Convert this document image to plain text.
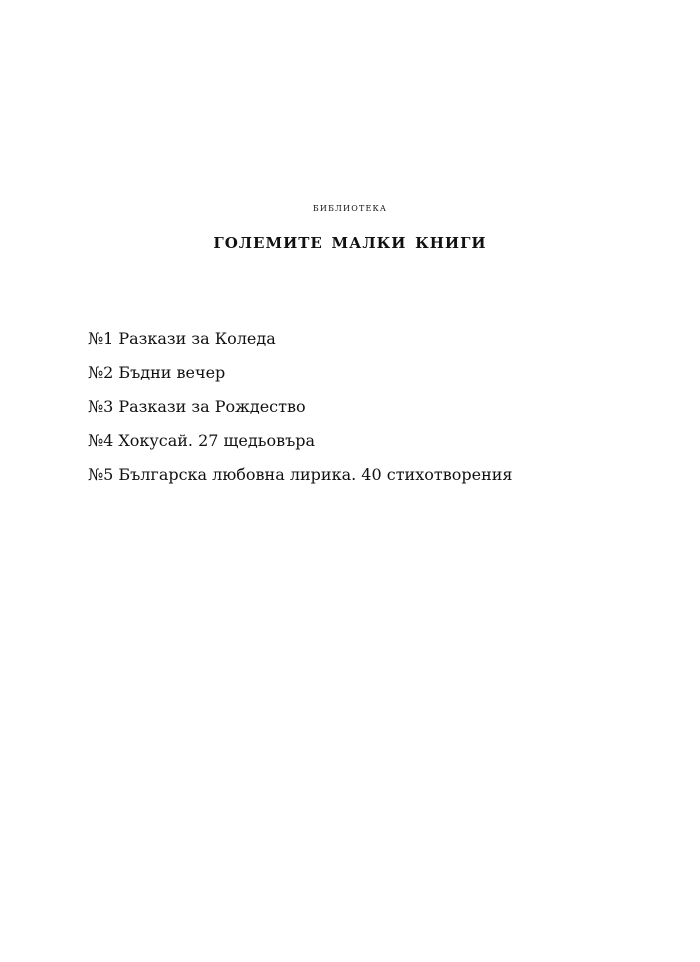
библиотека
големите малки книги
№1 Разкази за Коледа
№2 Бъдни вечер
№3 Разкази за Рождество
№4 Хокусай. 27 щедьовъра
№5 Българска любовна лирика. 40 стихотворения
